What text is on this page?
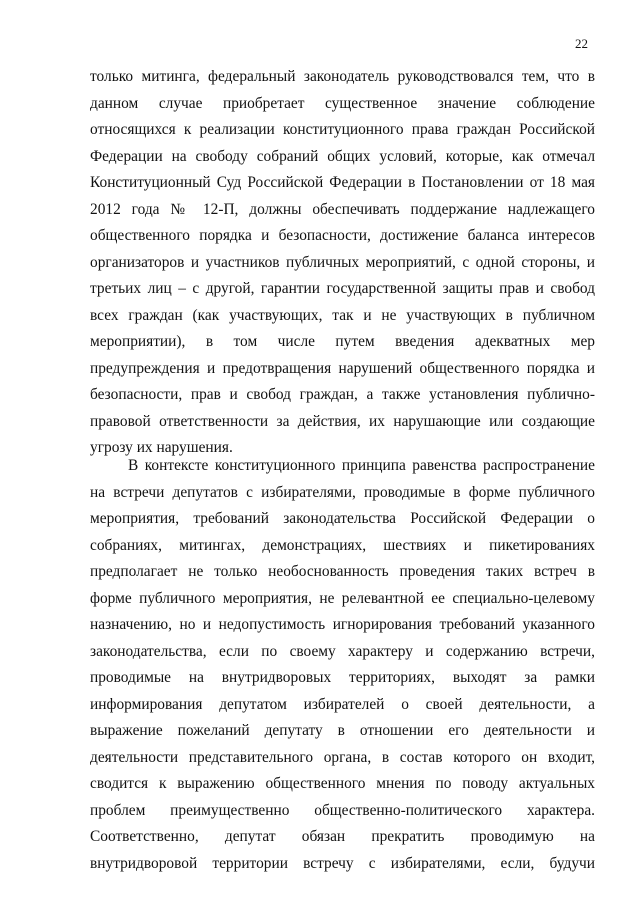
22
только митинга, федеральный законодатель руководствовался тем, что в
данном случае приобретает существенное значение соблюдение
относящихся к реализации конституционного права граждан Российской
Федерации на свободу собраний общих условий, которые, как отмечал
Конституционный Суд Российской Федерации в Постановлении от 18 мая
2012 года № 12-П, должны обеспечивать поддержание надлежащего
общественного порядка и безопасности, достижение баланса интересов
организаторов и участников публичных мероприятий, с одной стороны, и
третьих лиц – с другой, гарантии государственной защиты прав и свобод
всех граждан (как участвующих, так и не участвующих в публичном
мероприятии), в том числе путем введения адекватных мер
предупреждения и предотвращения нарушений общественного порядка и
безопасности, прав и свобод граждан, а также установления публично-
правовой ответственности за действия, их нарушающие или создающие
угрозу их нарушения.
В контексте конституционного принципа равенства распространение
на встречи депутатов с избирателями, проводимые в форме публичного
мероприятия, требований законодательства Российской Федерации о
собраниях, митингах, демонстрациях, шествиях и пикетированиях
предполагает не только необоснованность проведения таких встреч в
форме публичного мероприятия, не релевантной ее специально-целевому
назначению, но и недопустимость игнорирования требований указанного
законодательства, если по своему характеру и содержанию встречи,
проводимые на внутридворовых территориях, выходят за рамки
информирования депутатом избирателей о своей деятельности, а
выражение пожеланий депутату в отношении его деятельности и
деятельности представительного органа, в состав которого он входит,
сводится к выражению общественного мнения по поводу актуальных
проблем преимущественно общественно-политического характера.
Соответственно, депутат обязан прекратить проводимую на
внутридворовой территории встречу с избирателями, если, будучи
